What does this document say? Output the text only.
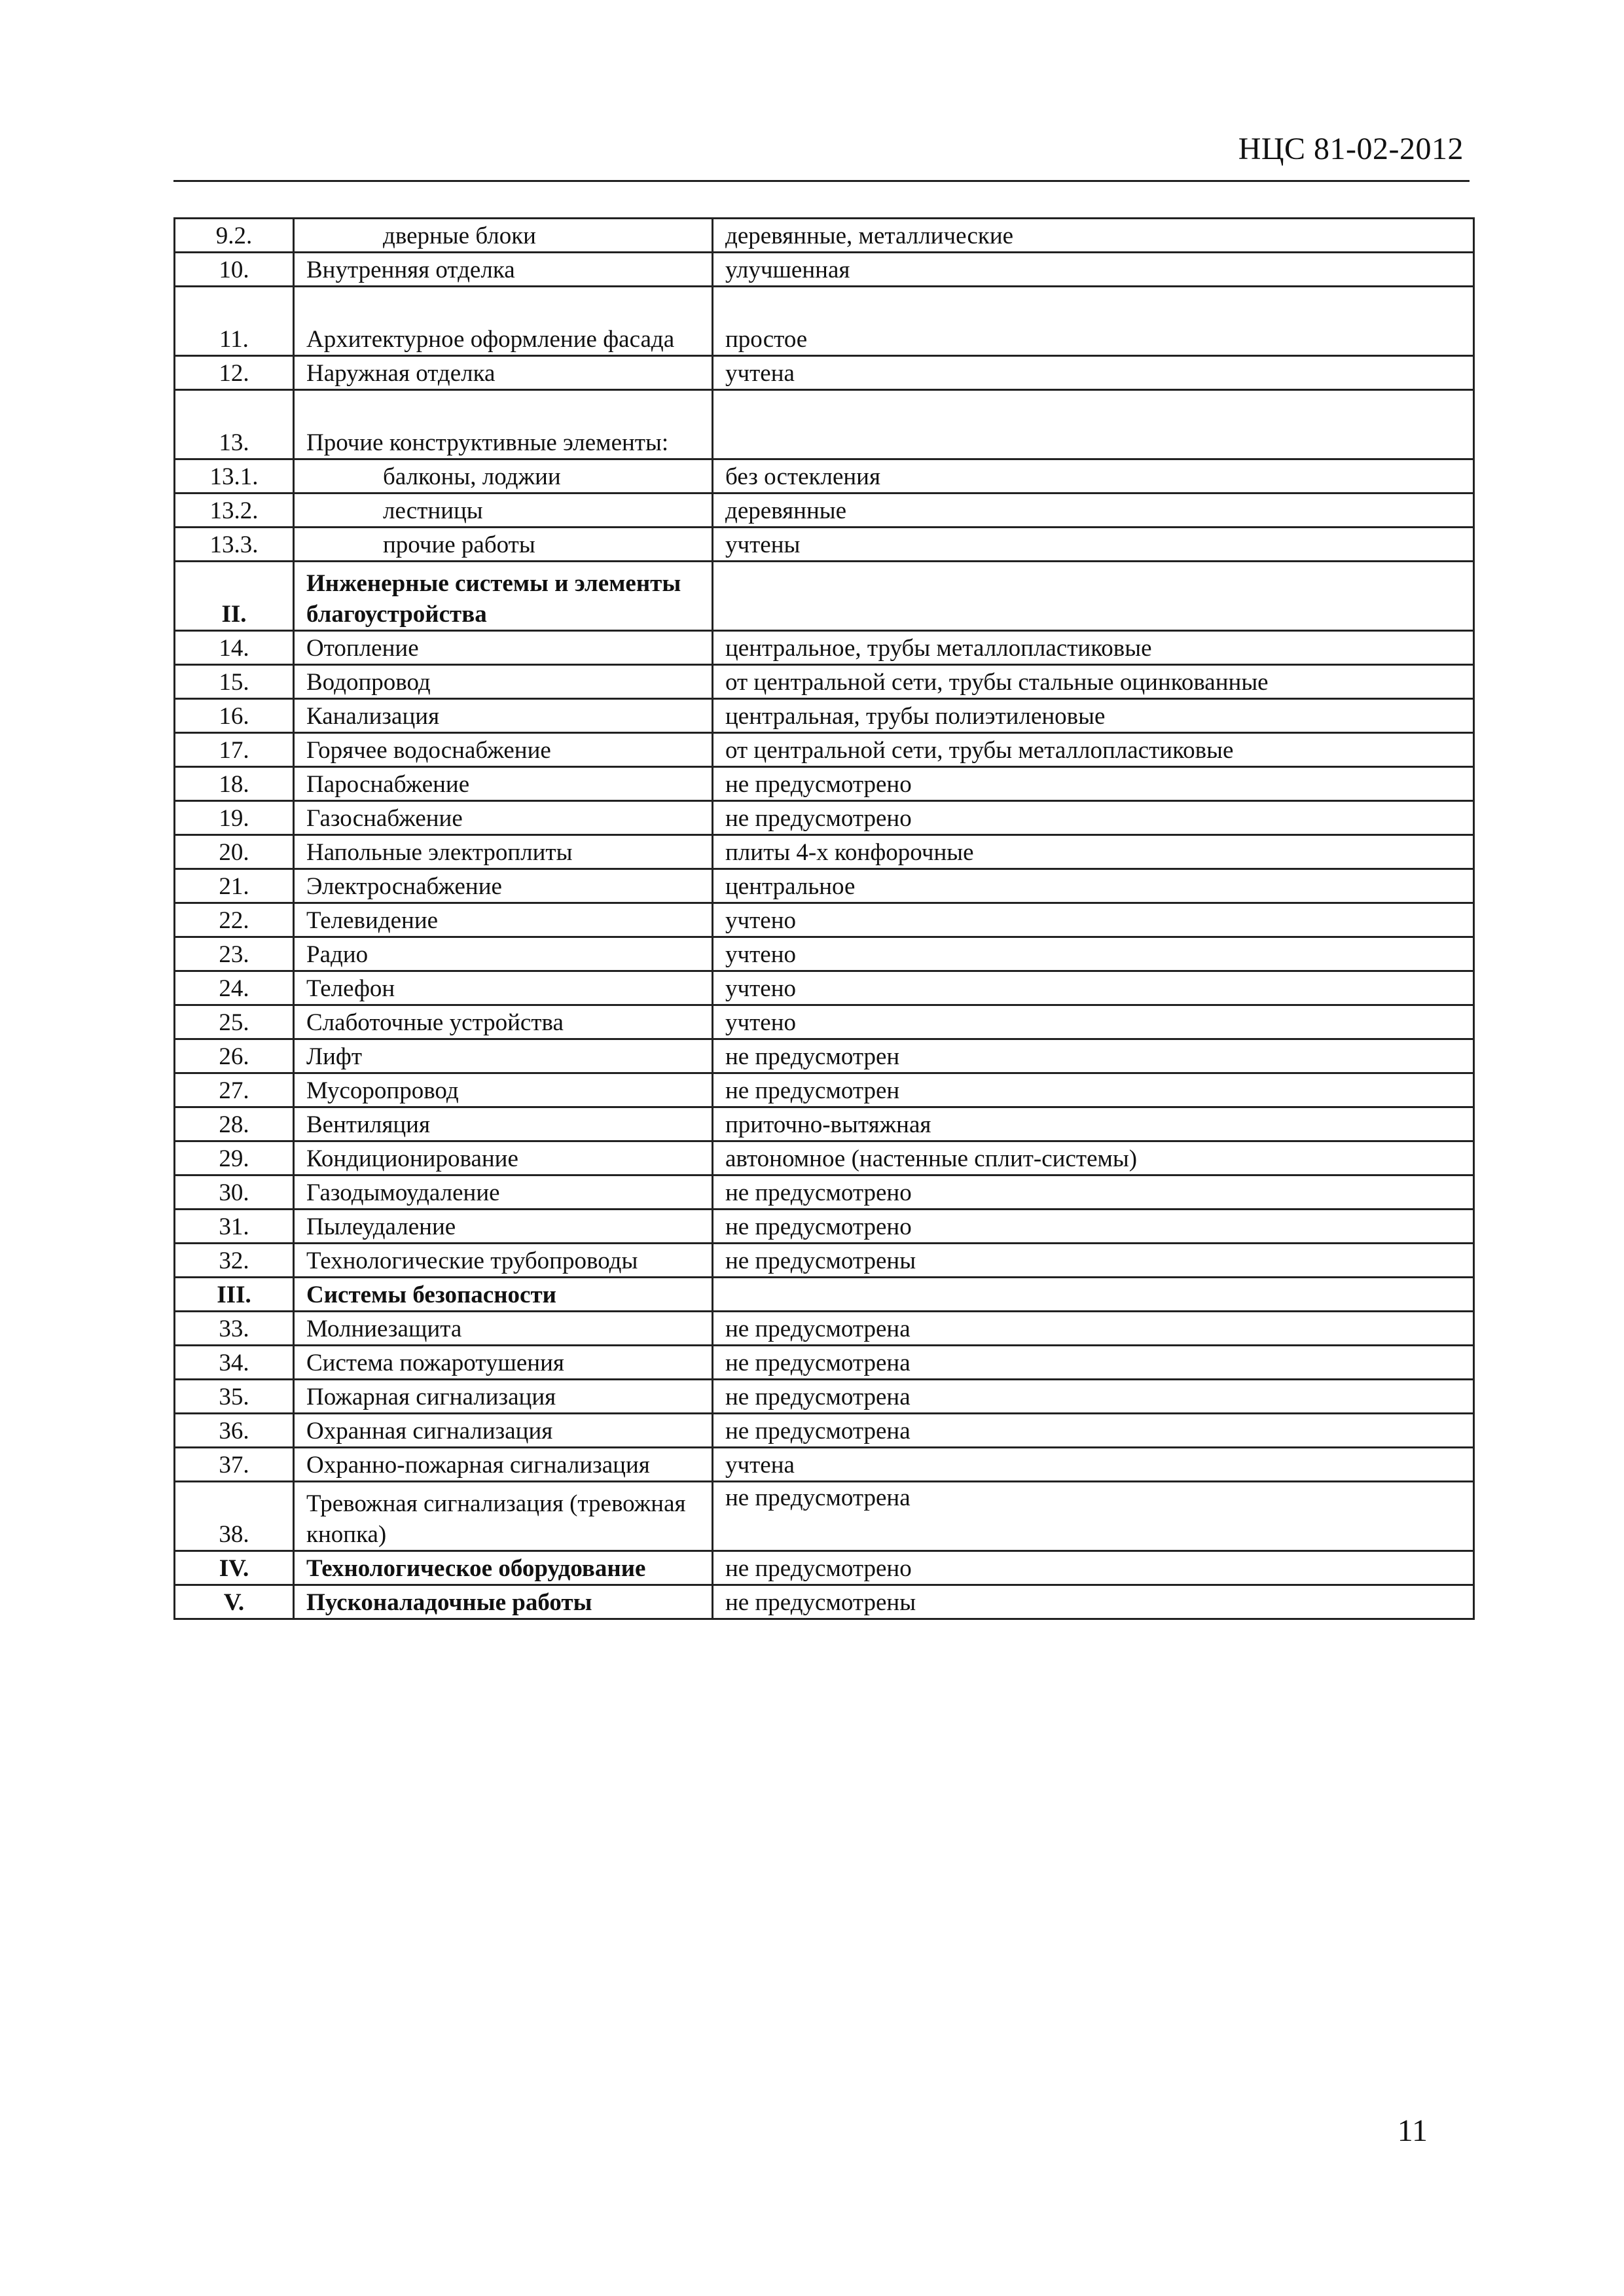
НЦС 81-02-2012
9.2.	дверные блоки	деревянные, металлические
10.	Внутренняя отделка	улучшенная
11.	Архитектурное оформление фасада	простое
12.	Наружная отделка	учтена
13.	Прочие конструктивные элементы:	
13.1.	балконы, лоджии	без остекления
13.2.	лестницы	деревянные
13.3.	прочие работы	учтены
II.	Инженерные системы и элементы благоустройства	
14.	Отопление	центральное, трубы металлопластиковые
15.	Водопровод	от центральной сети, трубы стальные оцинкованные
16.	Канализация	центральная, трубы полиэтиленовые
17.	Горячее водоснабжение	от центральной сети, трубы металлопластиковые
18.	Пароснабжение	не предусмотрено
19.	Газоснабжение	не предусмотрено
20.	Напольные электроплиты	плиты 4-х конфорочные
21.	Электроснабжение	центральное
22.	Телевидение	учтено
23.	Радио	учтено
24.	Телефон	учтено
25.	Слаботочные устройства	учтено
26.	Лифт	не предусмотрен
27.	Мусоропровод	не предусмотрен
28.	Вентиляция	приточно-вытяжная
29.	Кондиционирование	автономное (настенные сплит-системы)
30.	Газодымоудаление	не предусмотрено
31.	Пылеудаление	не предусмотрено
32.	Технологические трубопроводы	не предусмотрены
III.	Системы безопасности	
33.	Молниезащита	не предусмотрена
34.	Система пожаротушения	не предусмотрена
35.	Пожарная сигнализация	не предусмотрена
36.	Охранная сигнализация	не предусмотрена
37.	Охранно-пожарная сигнализация	учтена
38.	Тревожная сигнализация (тревожная кнопка)	не предусмотрена
IV.	Технологическое оборудование	не предусмотрено
V.	Пусконаладочные работы	не предусмотрены
11
